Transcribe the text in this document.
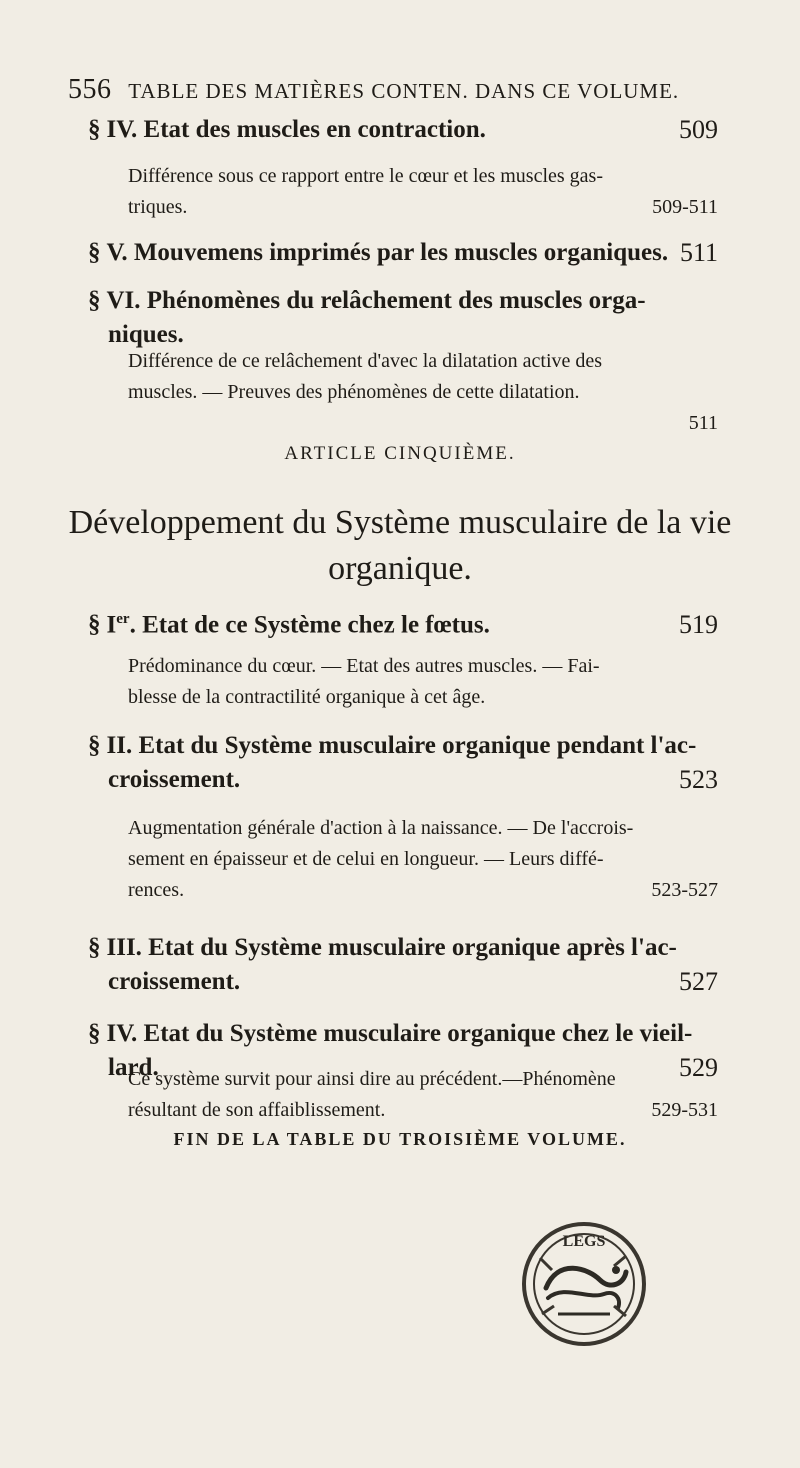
556 TABLE DES MATIÈRES CONTEN. DANS CE VOLUME.
§ IV. Etat des muscles en contraction.	509
Différence sous ce rapport entre le cœur et les muscles gas-
triques.	509-511
§ V. Mouvemens imprimés par les muscles organiques. 511
§ VI. Phénomènes du relâchement des muscles orga-
niques.
Différence de ce relâchement d'avec la dilatation active des
muscles. — Preuves des phénomènes de cette dilatation.

511
ARTICLE CINQUIÈME.
Développement du Système musculaire de la vie
organique.
§ Ier. Etat de ce Système chez le fœtus.	519
Prédominance du cœur. — Etat des autres muscles. — Fai-
blesse de la contractilité organique à cet âge.
§ II. Etat du Système musculaire organique pendant l'ac-
croissement.	523
Augmentation générale d'action à la naissance. — De l'accrois-
sement en épaisseur et de celui en longueur. — Leurs diffé-
rences.	523-527
§ III. Etat du Système musculaire organique après l'ac-
croissement.	527
§ IV. Etat du Système musculaire organique chez le vieil-
lard.	529
Ce système survit pour ainsi dire au précédent.—Phénomène
résultant de son affaiblissement.	529-531
FIN DE LA TABLE DU TROISIÈME VOLUME.
LEGS
